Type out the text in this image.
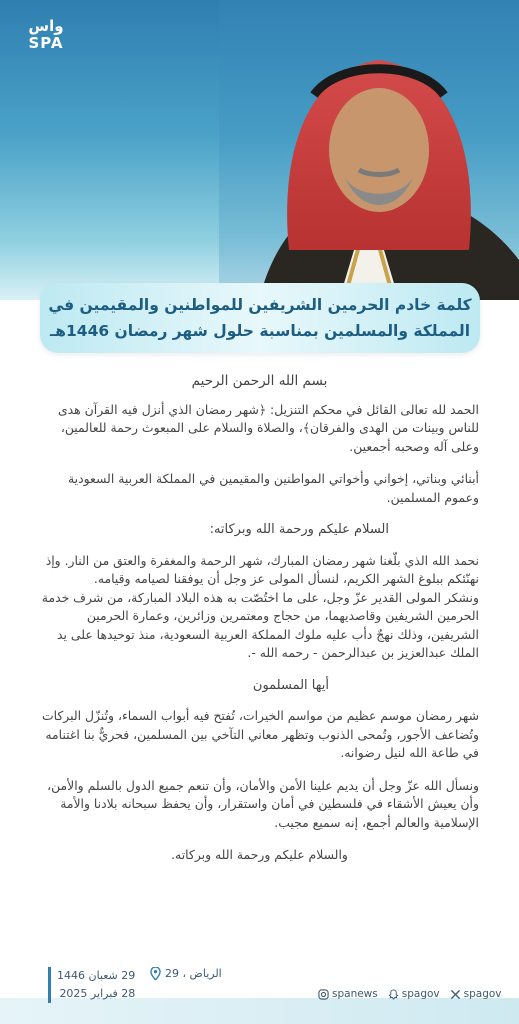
واس
SPA
كلمة خادم الحرمين الشريفين للمواطنين والمقيمين في
المملكة والمسلمين بمناسبة حلول شهر رمضان 1446هـ
بسم الله الرحمن الرحيم

الحمد لله تعالى القائل في محكم التنزيل: ﴿شهر رمضان الذي أنزل فيه القرآن هدى للناس وبينات من الهدى والفرقان﴾، والصلاة والسلام على المبعوث رحمة للعالمين، وعلى آله وصحبه أجمعين.

أبنائي وبناتي، إخواني وأخواتي المواطنين والمقيمين في المملكة العربية السعودية وعموم المسلمين.

السلام عليكم ورحمة الله وبركاته:

نحمد الله الذي بلّغنا شهر رمضان المبارك، شهر الرحمة والمغفرة والعتق من النار. وإذ نهنّئكم ببلوغ الشهر الكريم، لنسأل المولى عز وجل أن يوفقنا لصيامه وقيامه.

ونشكر المولى القدير عزّ وجل، على ما اختُصّت به هذه البلاد المباركة، من شرف خدمة الحرمين الشريفين وقاصديهما، من حجاج ومعتمرين وزائرين، وعمارة الحرمين الشريفين، وذلك نهجٌ دأب عليه ملوك المملكة العربية السعودية، منذ توحيدها على يد الملك عبدالعزيز بن عبدالرحمن - رحمه الله -.

أيها المسلمون

شهر رمضان موسم عظيم من مواسم الخيرات، تُفتح فيه أبواب السماء، وتُنزّل البركات وتُضاعف الأجور، وتُمحى الذنوب وتظهر معاني التآخي بين المسلمين، فحريٌّ بنا اغتنامه في طاعة الله لنيل رضوانه.

ونسأل الله عزّ وجل أن يديم علينا الأمن والأمان، وأن تنعم جميع الدول بالسلم والأمن، وأن يعيش الأشقاء في فلسطين في أمان واستقرار، وأن يحفظ سبحانه بلادنا والأمة الإسلامية والعالم أجمع، إنه سميع مجيب.

والسلام عليكم ورحمة الله وبركاته.
29 شعبان 1446
28 فبراير 2025
الرياض ، 29
spanews spagov spagov
